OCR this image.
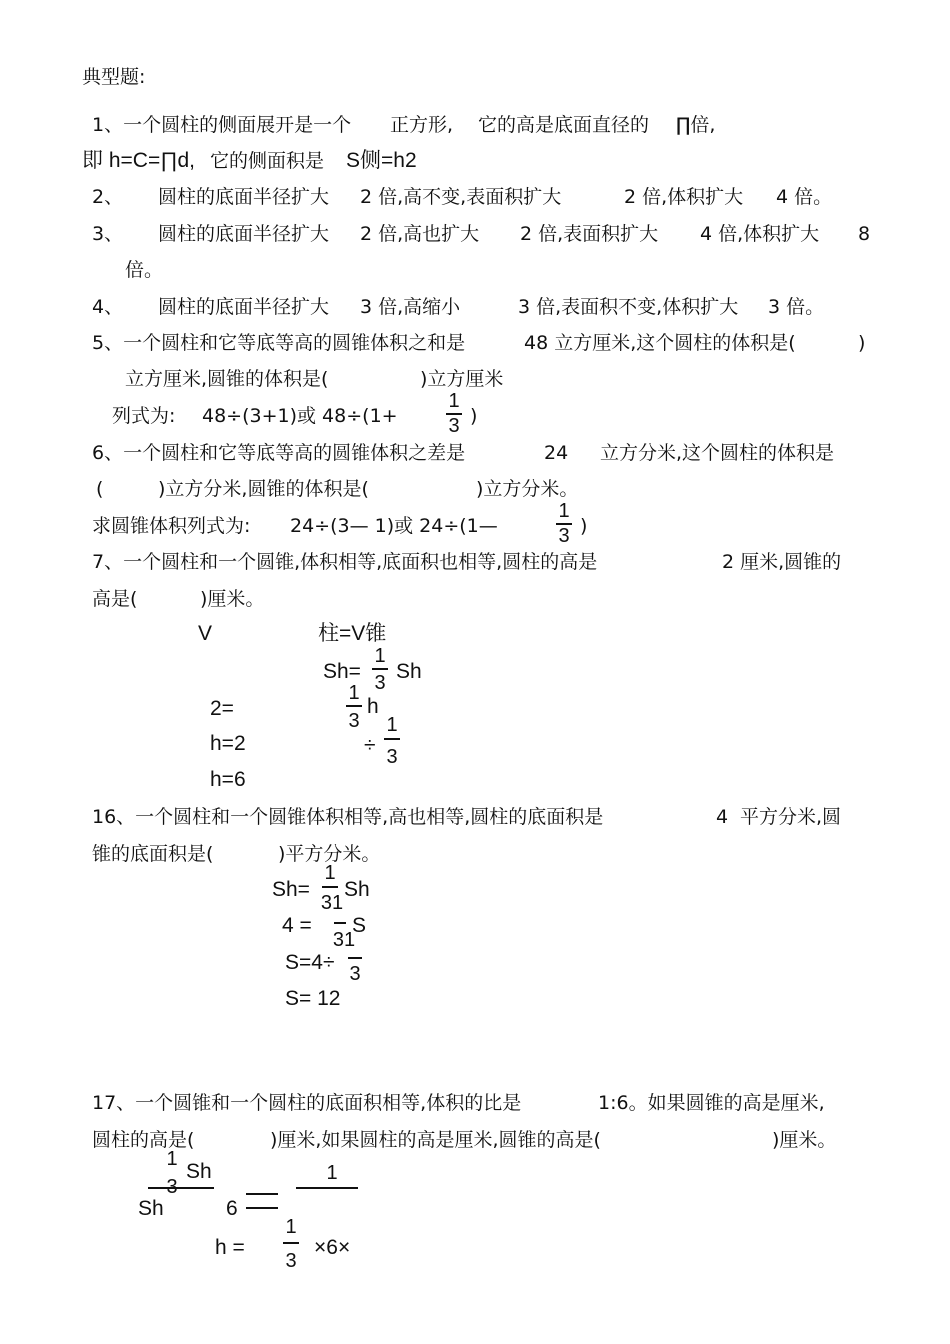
典型题:
1、一个圆柱的侧面展开是一个 正方形, 它的高是底面直径的 ∏倍,
即 h=C=∏d, 它的侧面积是 S侧=h2
2、 圆柱的底面半径扩大 2 倍,高不变,表面积扩大	2 倍,体积扩大 4 倍。
3、 圆柱的底面半径扩大 2 倍,高也扩大 2 倍,表面积扩大 4 倍,体积扩大 8
倍。
4、 圆柱的底面半径扩大 3 倍,高缩小	3 倍,表面积不变,体积扩大 3 倍。
5、一个圆柱和它等底等高的圆锥体积之和是	48 立方厘米,这个圆柱的体积是(	)
立方厘米,圆锥的体积是(	)立方厘米
列式为: 48÷(3+1)或 48÷(1+
1
3 )
6、一个圆柱和它等底等高的圆锥体积之差是	24 立方分米,这个圆柱的体积是
(	)立方分米,圆锥的体积是(	)立方分米。
求圆锥体积列式为: 24÷(3— 1)或 24÷(1—
1
3 )
7、一个圆柱和一个圆锥,体积相等,底面积也相等,圆柱的高是	2 厘米,圆锥的
高是(	)厘米。
V	柱=V锥
Sh=
1
3 Sh
1
3
h
2=
÷
1
3
h=2
h=6
16、一个圆柱和一个圆锥体积相等,高也相等,圆柱的底面积是	4 平方分米,圆
锥的底面积是(	)平方分米。
Sh=
1
31
Sh
4 =
31
S
S=4÷ 3
S= 12
17、一个圆锥和一个圆柱的底面积相等,体积的比是	1:6。如果圆锥的高是厘米,
圆柱的高是(	)厘米,如果圆柱的高是厘米,圆锥的高是(	)厘米。
1
3
Sh
Sh	6
1
h =
1
3
×6×
